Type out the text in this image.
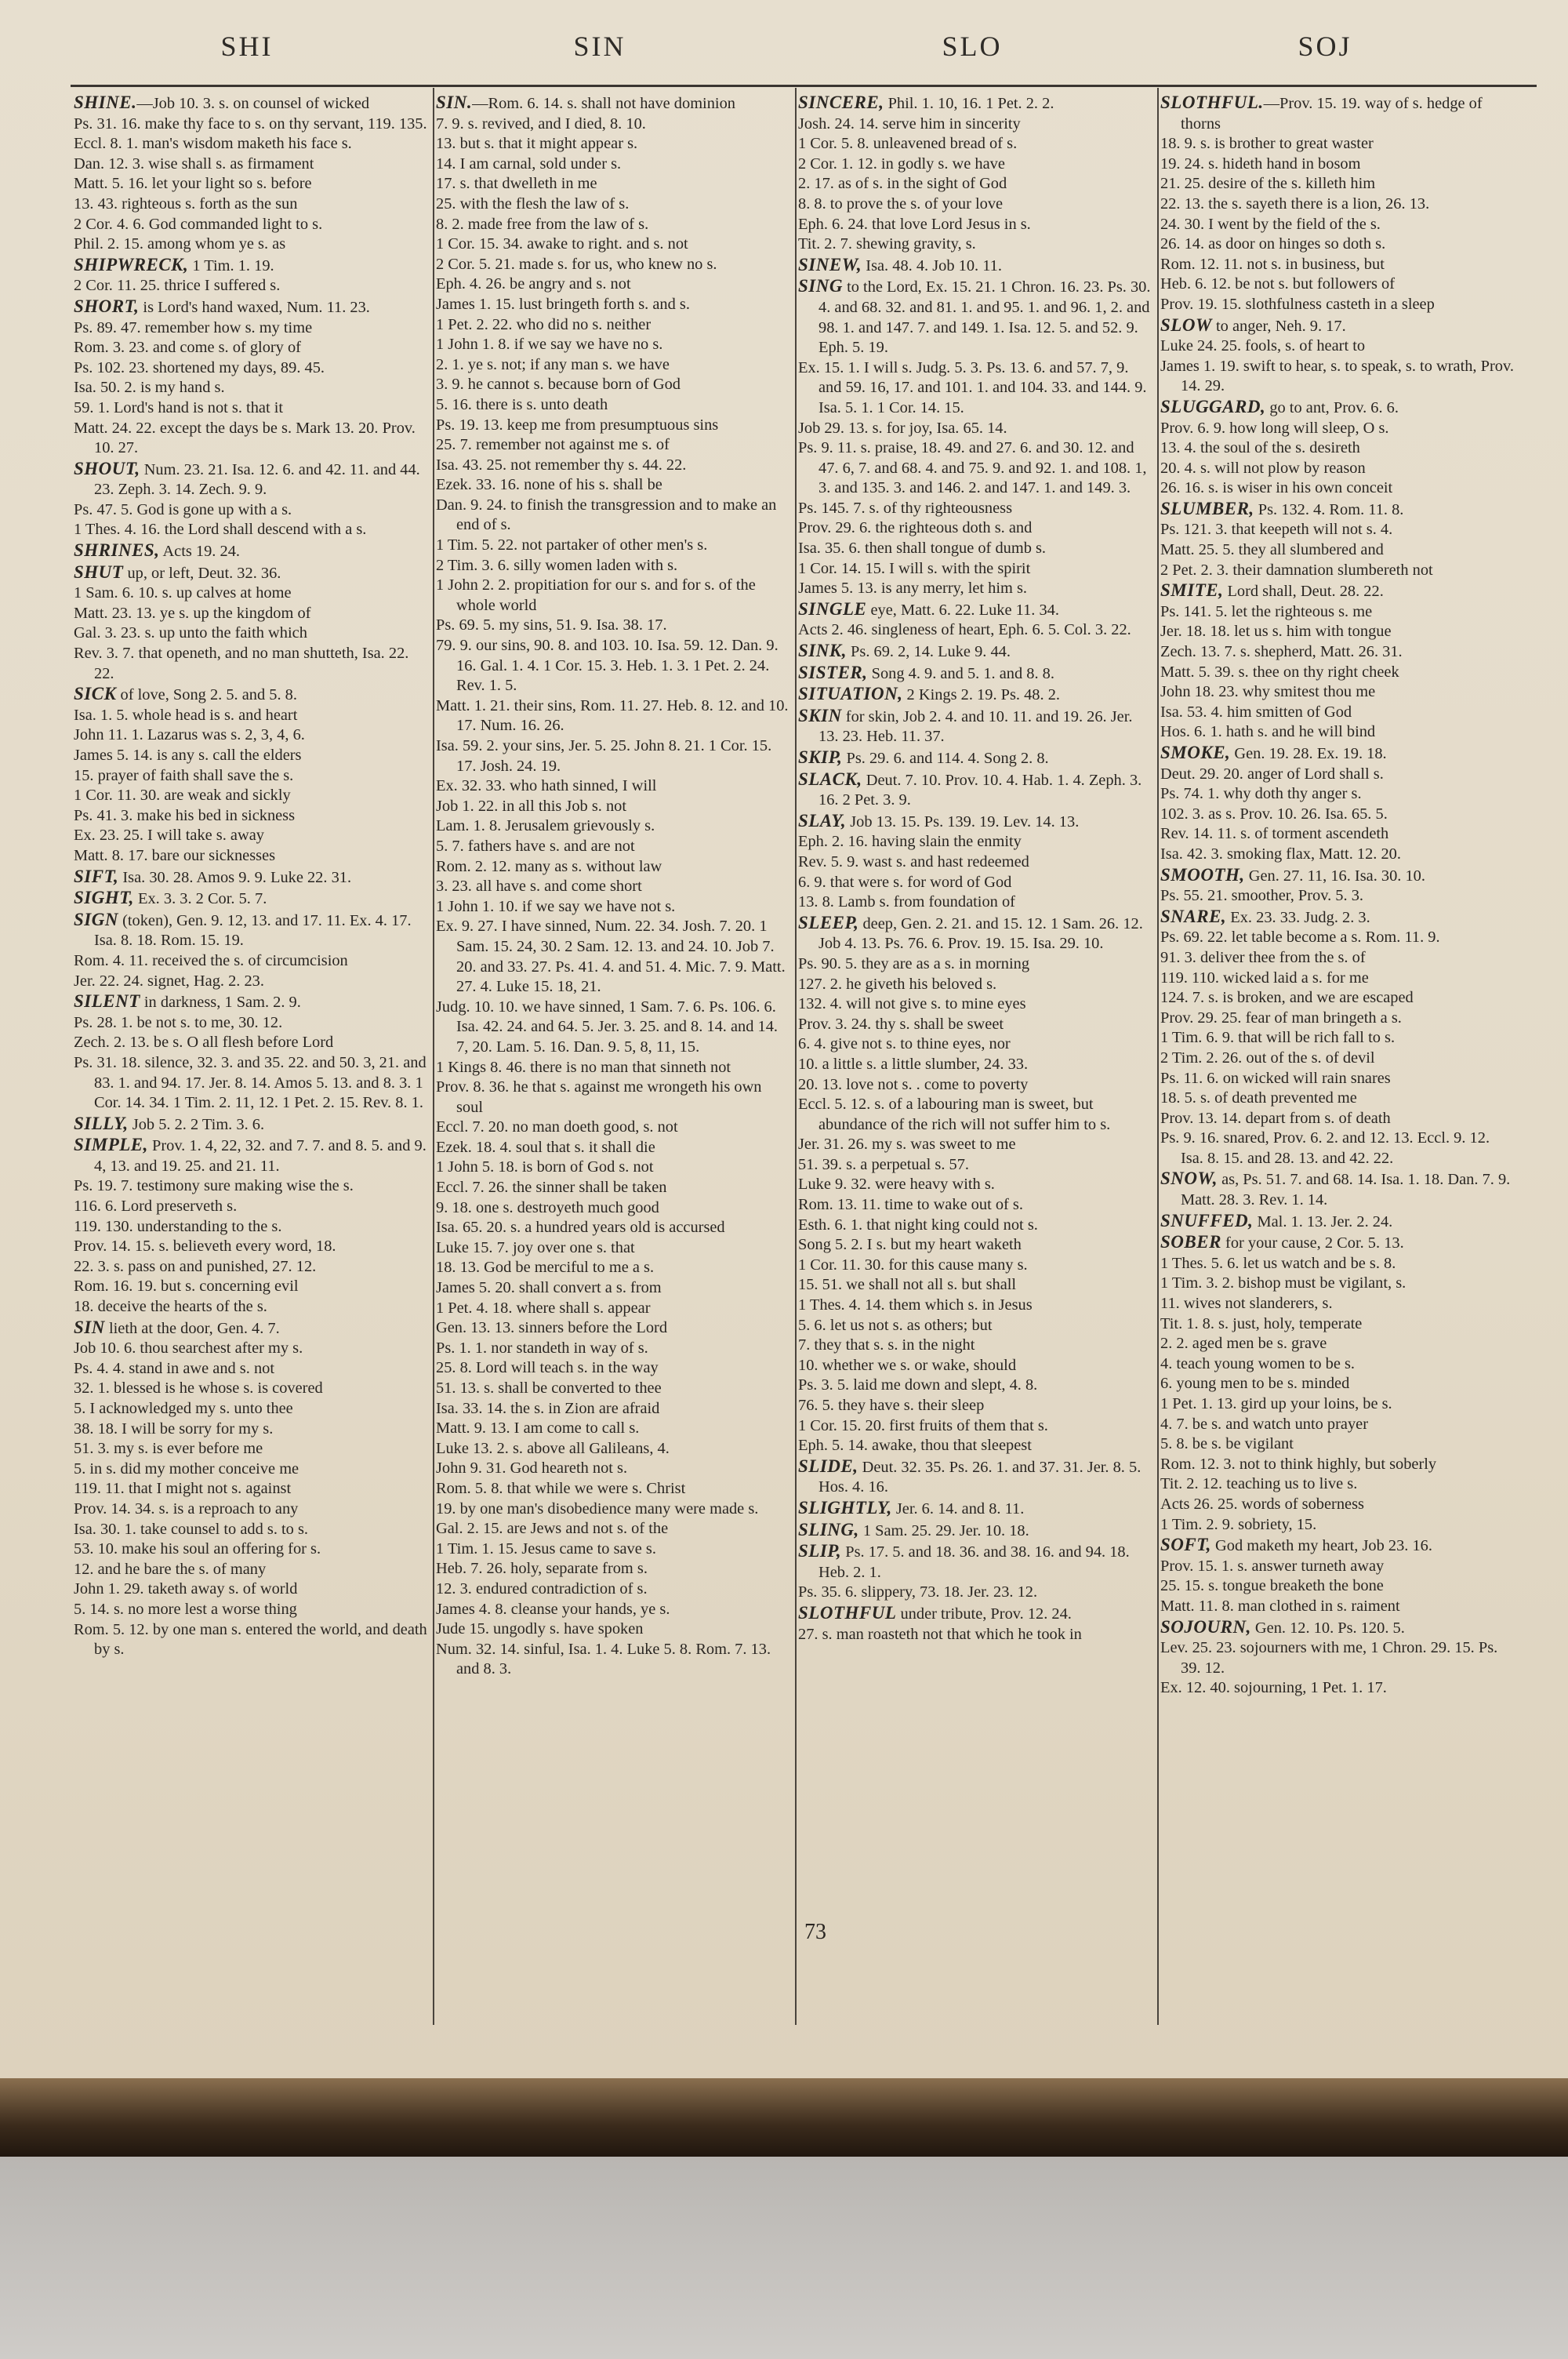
SHI	SIN	SLO	SOJ

SHINE.—Job 10. 3. s. on counsel of wicked

Ps. 31. 16. make thy face to s. on thy servant, 119. 135.

Eccl. 8. 1. man's wisdom maketh his face s.

Dan. 12. 3. wise shall s. as firmament

Matt. 5. 16. let your light so s. before

13. 43. righteous s. forth as the sun

2 Cor. 4. 6. God commanded light to s.

Phil. 2. 15. among whom ye s. as

SHIPWRECK, 1 Tim. 1. 19.

2 Cor. 11. 25. thrice I suffered s.

SHORT, is Lord's hand waxed, Num. 11. 23.

Ps. 89. 47. remember how s. my time

Rom. 3. 23. and come s. of glory of

Ps. 102. 23. shortened my days, 89. 45.

Isa. 50. 2. is my hand s.

59. 1. Lord's hand is not s. that it

Matt. 24. 22. except the days be s. Mark 13. 20. Prov. 10. 27.

SHOUT, Num. 23. 21. Isa. 12. 6. and 42. 11. and 44. 23. Zeph. 3. 14. Zech. 9. 9.

Ps. 47. 5. God is gone up with a s.

1 Thes. 4. 16. the Lord shall descend with a s.

SHRINES, Acts 19. 24.

SHUT up, or left, Deut. 32. 36.

1 Sam. 6. 10. s. up calves at home

Matt. 23. 13. ye s. up the kingdom of

Gal. 3. 23. s. up unto the faith which

Rev. 3. 7. that openeth, and no man shutteth, Isa. 22. 22.

SICK of love, Song 2. 5. and 5. 8.

Isa. 1. 5. whole head is s. and heart

John 11. 1. Lazarus was s. 2, 3, 4, 6.

James 5. 14. is any s. call the elders

15. prayer of faith shall save the s.

1 Cor. 11. 30. are weak and sickly

Ps. 41. 3. make his bed in sickness

Ex. 23. 25. I will take s. away

Matt. 8. 17. bare our sicknesses

SIFT, Isa. 30. 28. Amos 9. 9. Luke 22. 31.

SIGHT, Ex. 3. 3. 2 Cor. 5. 7.

SIGN (token), Gen. 9. 12, 13. and 17. 11. Ex. 4. 17. Isa. 8. 18. Rom. 15. 19.

Rom. 4. 11. received the s. of circumcision

Jer. 22. 24. signet, Hag. 2. 23.

SILENT in darkness, 1 Sam. 2. 9.

Ps. 28. 1. be not s. to me, 30. 12.

Zech. 2. 13. be s. O all flesh before Lord

Ps. 31. 18. silence, 32. 3. and 35. 22. and 50. 3, 21. and 83. 1. and 94. 17. Jer. 8. 14. Amos 5. 13. and 8. 3. 1 Cor. 14. 34. 1 Tim. 2. 11, 12. 1 Pet. 2. 15. Rev. 8. 1.

SILLY, Job 5. 2. 2 Tim. 3. 6.

SIMPLE, Prov. 1. 4, 22, 32. and 7. 7. and 8. 5. and 9. 4, 13. and 19. 25. and 21. 11.

Ps. 19. 7. testimony sure making wise the s.

116. 6. Lord preserveth s.

119. 130. understanding to the s.

Prov. 14. 15. s. believeth every word, 18.

22. 3. s. pass on and punished, 27. 12.

Rom. 16. 19. but s. concerning evil

18. deceive the hearts of the s.

SIN lieth at the door, Gen. 4. 7.

Job 10. 6. thou searchest after my s.

Ps. 4. 4. stand in awe and s. not

32. 1. blessed is he whose s. is covered

5. I acknowledged my s. unto thee

38. 18. I will be sorry for my s.

51. 3. my s. is ever before me

5. in s. did my mother conceive me

119. 11. that I might not s. against

Prov. 14. 34. s. is a reproach to any

Isa. 30. 1. take counsel to add s. to s.

53. 10. make his soul an offering for s.

12. and he bare the s. of many

John 1. 29. taketh away s. of world

5. 14. s. no more lest a worse thing

Rom. 5. 12. by one man s. entered the world, and death by s.

SIN.—Rom. 6. 14. s. shall not have dominion

7. 9. s. revived, and I died, 8. 10.

13. but s. that it might appear s.

14. I am carnal, sold under s.

17. s. that dwelleth in me

25. with the flesh the law of s.

8. 2. made free from the law of s.

1 Cor. 15. 34. awake to right. and s. not

2 Cor. 5. 21. made s. for us, who knew no s.

Eph. 4. 26. be angry and s. not

James 1. 15. lust bringeth forth s. and s.

1 Pet. 2. 22. who did no s. neither

1 John 1. 8. if we say we have no s.

2. 1. ye s. not; if any man s. we have

3. 9. he cannot s. because born of God

5. 16. there is s. unto death

Ps. 19. 13. keep me from presumptuous sins

25. 7. remember not against me s. of

Isa. 43. 25. not remember thy s. 44. 22.

Ezek. 33. 16. none of his s. shall be

Dan. 9. 24. to finish the transgression and to make an end of s.

1 Tim. 5. 22. not partaker of other men's s.

2 Tim. 3. 6. silly women laden with s.

1 John 2. 2. propitiation for our s. and for s. of the whole world

Ps. 69. 5. my sins, 51. 9. Isa. 38. 17.

79. 9. our sins, 90. 8. and 103. 10. Isa. 59. 12. Dan. 9. 16. Gal. 1. 4. 1 Cor. 15. 3. Heb. 1. 3. 1 Pet. 2. 24. Rev. 1. 5.

Matt. 1. 21. their sins, Rom. 11. 27. Heb. 8. 12. and 10. 17. Num. 16. 26.

Isa. 59. 2. your sins, Jer. 5. 25. John 8. 21. 1 Cor. 15. 17. Josh. 24. 19.

Ex. 32. 33. who hath sinned, I will

Job 1. 22. in all this Job s. not

Lam. 1. 8. Jerusalem grievously s.

5. 7. fathers have s. and are not

Rom. 2. 12. many as s. without law

3. 23. all have s. and come short

1 John 1. 10. if we say we have not s.

Ex. 9. 27. I have sinned, Num. 22. 34. Josh. 7. 20. 1 Sam. 15. 24, 30. 2 Sam. 12. 13. and 24. 10. Job 7. 20. and 33. 27. Ps. 41. 4. and 51. 4. Mic. 7. 9. Matt. 27. 4. Luke 15. 18, 21.

Judg. 10. 10. we have sinned, 1 Sam. 7. 6. Ps. 106. 6. Isa. 42. 24. and 64. 5. Jer. 3. 25. and 8. 14. and 14. 7, 20. Lam. 5. 16. Dan. 9. 5, 8, 11, 15.

1 Kings 8. 46. there is no man that sinneth not

Prov. 8. 36. he that s. against me wrongeth his own soul

Eccl. 7. 20. no man doeth good, s. not

Ezek. 18. 4. soul that s. it shall die

1 John 5. 18. is born of God s. not

Eccl. 7. 26. the sinner shall be taken

9. 18. one s. destroyeth much good

Isa. 65. 20. s. a hundred years old is accursed

Luke 15. 7. joy over one s. that

18. 13. God be merciful to me a s.

James 5. 20. shall convert a s. from

1 Pet. 4. 18. where shall s. appear

Gen. 13. 13. sinners before the Lord

Ps. 1. 1. nor standeth in way of s.

25. 8. Lord will teach s. in the way

51. 13. s. shall be converted to thee

Isa. 33. 14. the s. in Zion are afraid

Matt. 9. 13. I am come to call s.

Luke 13. 2. s. above all Galileans, 4.

John 9. 31. God heareth not s.

Rom. 5. 8. that while we were s. Christ

19. by one man's disobedience many were made s.

Gal. 2. 15. are Jews and not s. of the

1 Tim. 1. 15. Jesus came to save s.

Heb. 7. 26. holy, separate from s.

12. 3. endured contradiction of s.

James 4. 8. cleanse your hands, ye s.

Jude 15. ungodly s. have spoken

Num. 32. 14. sinful, Isa. 1. 4. Luke 5. 8. Rom. 7. 13. and 8. 3.

SINCERE, Phil. 1. 10, 16. 1 Pet. 2. 2.

Josh. 24. 14. serve him in sincerity

1 Cor. 5. 8. unleavened bread of s.

2 Cor. 1. 12. in godly s. we have

2. 17. as of s. in the sight of God

8. 8. to prove the s. of your love

Eph. 6. 24. that love Lord Jesus in s.

Tit. 2. 7. shewing gravity, s.

SINEW, Isa. 48. 4. Job 10. 11.

SING to the Lord, Ex. 15. 21. 1 Chron. 16. 23. Ps. 30. 4. and 68. 32. and 81. 1. and 95. 1. and 96. 1, 2. and 98. 1. and 147. 7. and 149. 1. Isa. 12. 5. and 52. 9. Eph. 5. 19.

Ex. 15. 1. I will s. Judg. 5. 3. Ps. 13. 6. and 57. 7, 9. and 59. 16, 17. and 101. 1. and 104. 33. and 144. 9. Isa. 5. 1. 1 Cor. 14. 15.

Job 29. 13. s. for joy, Isa. 65. 14.

Ps. 9. 11. s. praise, 18. 49. and 27. 6. and 30. 12. and 47. 6, 7. and 68. 4. and 75. 9. and 92. 1. and 108. 1, 3. and 135. 3. and 146. 2. and 147. 1. and 149. 3.

Ps. 145. 7. s. of thy righteousness

Prov. 29. 6. the righteous doth s. and

Isa. 35. 6. then shall tongue of dumb s.

1 Cor. 14. 15. I will s. with the spirit

James 5. 13. is any merry, let him s.

SINGLE eye, Matt. 6. 22. Luke 11. 34.

Acts 2. 46. singleness of heart, Eph. 6. 5. Col. 3. 22.

SINK, Ps. 69. 2, 14. Luke 9. 44.

SISTER, Song 4. 9. and 5. 1. and 8. 8.

SITUATION, 2 Kings 2. 19. Ps. 48. 2.

SKIN for skin, Job 2. 4. and 10. 11. and 19. 26. Jer. 13. 23. Heb. 11. 37.

SKIP, Ps. 29. 6. and 114. 4. Song 2. 8.

SLACK, Deut. 7. 10. Prov. 10. 4. Hab. 1. 4. Zeph. 3. 16. 2 Pet. 3. 9.

SLAY, Job 13. 15. Ps. 139. 19. Lev. 14. 13.

Eph. 2. 16. having slain the enmity

Rev. 5. 9. wast s. and hast redeemed

6. 9. that were s. for word of God

13. 8. Lamb s. from foundation of

SLEEP, deep, Gen. 2. 21. and 15. 12. 1 Sam. 26. 12. Job 4. 13. Ps. 76. 6. Prov. 19. 15. Isa. 29. 10.

Ps. 90. 5. they are as a s. in morning

127. 2. he giveth his beloved s.

132. 4. will not give s. to mine eyes

Prov. 3. 24. thy s. shall be sweet

6. 4. give not s. to thine eyes, nor

10. a little s. a little slumber, 24. 33.

20. 13. love not s. . come to poverty

Eccl. 5. 12. s. of a labouring man is sweet, but abundance of the rich will not suffer him to s.

Jer. 31. 26. my s. was sweet to me

51. 39. s. a perpetual s. 57.

Luke 9. 32. were heavy with s.

Rom. 13. 11. time to wake out of s.

Esth. 6. 1. that night king could not s.

Song 5. 2. I s. but my heart waketh

1 Cor. 11. 30. for this cause many s.

15. 51. we shall not all s. but shall

1 Thes. 4. 14. them which s. in Jesus

5. 6. let us not s. as others; but

7. they that s. s. in the night

10. whether we s. or wake, should

Ps. 3. 5. laid me down and slept, 4. 8.

76. 5. they have s. their sleep

1 Cor. 15. 20. first fruits of them that s.

Eph. 5. 14. awake, thou that sleepest

SLIDE, Deut. 32. 35. Ps. 26. 1. and 37. 31. Jer. 8. 5. Hos. 4. 16.

SLIGHTLY, Jer. 6. 14. and 8. 11.

SLING, 1 Sam. 25. 29. Jer. 10. 18.

SLIP, Ps. 17. 5. and 18. 36. and 38. 16. and 94. 18. Heb. 2. 1.

Ps. 35. 6. slippery, 73. 18. Jer. 23. 12.

SLOTHFUL under tribute, Prov. 12. 24.

27. s. man roasteth not that which he took in

SLOTHFUL.—Prov. 15. 19. way of s. hedge of thorns

18. 9. s. is brother to great waster

19. 24. s. hideth hand in bosom

21. 25. desire of the s. killeth him

22. 13. the s. sayeth there is a lion, 26. 13.

24. 30. I went by the field of the s.

26. 14. as door on hinges so doth s.

Rom. 12. 11. not s. in business, but

Heb. 6. 12. be not s. but followers of

Prov. 19. 15. slothfulness casteth in a sleep

SLOW to anger, Neh. 9. 17.

Luke 24. 25. fools, s. of heart to

James 1. 19. swift to hear, s. to speak, s. to wrath, Prov. 14. 29.

SLUGGARD, go to ant, Prov. 6. 6.

Prov. 6. 9. how long will sleep, O s.

13. 4. the soul of the s. desireth

20. 4. s. will not plow by reason

26. 16. s. is wiser in his own conceit

SLUMBER, Ps. 132. 4. Rom. 11. 8.

Ps. 121. 3. that keepeth will not s. 4.

Matt. 25. 5. they all slumbered and

2 Pet. 2. 3. their damnation slumbereth not

SMITE, Lord shall, Deut. 28. 22.

Ps. 141. 5. let the righteous s. me

Jer. 18. 18. let us s. him with tongue

Zech. 13. 7. s. shepherd, Matt. 26. 31.

Matt. 5. 39. s. thee on thy right cheek

John 18. 23. why smitest thou me

Isa. 53. 4. him smitten of God

Hos. 6. 1. hath s. and he will bind

SMOKE, Gen. 19. 28. Ex. 19. 18.

Deut. 29. 20. anger of Lord shall s.

Ps. 74. 1. why doth thy anger s.

102. 3. as s. Prov. 10. 26. Isa. 65. 5.

Rev. 14. 11. s. of torment ascendeth

Isa. 42. 3. smoking flax, Matt. 12. 20.

SMOOTH, Gen. 27. 11, 16. Isa. 30. 10.

Ps. 55. 21. smoother, Prov. 5. 3.

SNARE, Ex. 23. 33. Judg. 2. 3.

Ps. 69. 22. let table become a s. Rom. 11. 9.

91. 3. deliver thee from the s. of

119. 110. wicked laid a s. for me

124. 7. s. is broken, and we are escaped

Prov. 29. 25. fear of man bringeth a s.

1 Tim. 6. 9. that will be rich fall to s.

2 Tim. 2. 26. out of the s. of devil

Ps. 11. 6. on wicked will rain snares

18. 5. s. of death prevented me

Prov. 13. 14. depart from s. of death

Ps. 9. 16. snared, Prov. 6. 2. and 12. 13. Eccl. 9. 12. Isa. 8. 15. and 28. 13. and 42. 22.

SNOW, as, Ps. 51. 7. and 68. 14. Isa. 1. 18. Dan. 7. 9. Matt. 28. 3. Rev. 1. 14.

SNUFFED, Mal. 1. 13. Jer. 2. 24.

SOBER for your cause, 2 Cor. 5. 13.

1 Thes. 5. 6. let us watch and be s. 8.

1 Tim. 3. 2. bishop must be vigilant, s.

11. wives not slanderers, s.

Tit. 1. 8. s. just, holy, temperate

2. 2. aged men be s. grave

4. teach young women to be s.

6. young men to be s. minded

1 Pet. 1. 13. gird up your loins, be s.

4. 7. be s. and watch unto prayer

5. 8. be s. be vigilant

Rom. 12. 3. not to think highly, but soberly

Tit. 2. 12. teaching us to live s.

Acts 26. 25. words of soberness

1 Tim. 2. 9. sobriety, 15.

SOFT, God maketh my heart, Job 23. 16.

Prov. 15. 1. s. answer turneth away

25. 15. s. tongue breaketh the bone

Matt. 11. 8. man clothed in s. raiment

SOJOURN, Gen. 12. 10. Ps. 120. 5.

Lev. 25. 23. sojourners with me, 1 Chron. 29. 15. Ps. 39. 12.

Ex. 12. 40. sojourning, 1 Pet. 1. 17.

73
